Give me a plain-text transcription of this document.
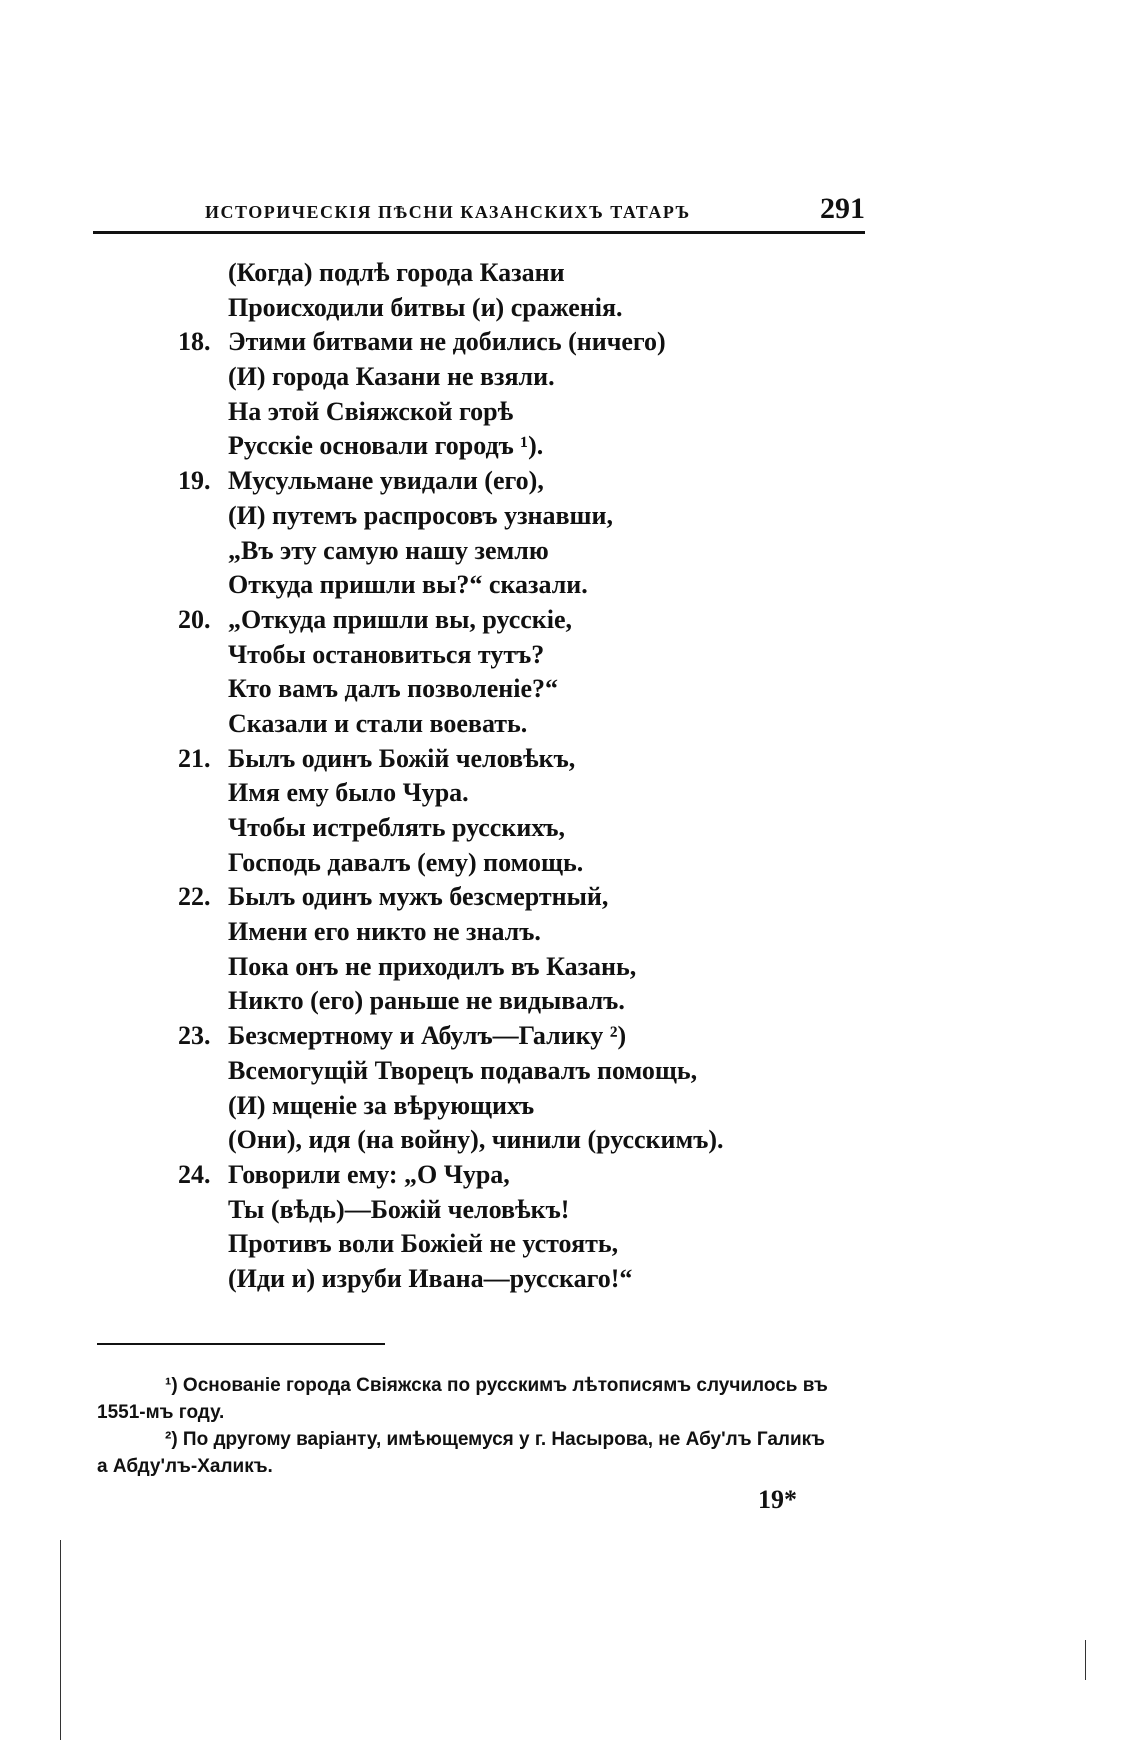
ИСТОРИЧЕСКІЯ ПѢСНИ КАЗАНСКИХЪ ТАТАРЪ	291
(Когда) подлѣ города Казани
Происходили битвы (и) сраженія.
18. Этими битвами не добились (ничего)
(И) города Казани не взяли.
На этой Свіяжской горѣ
Русскіе основали городъ ¹).
19. Мусульмане увидали (его),
(И) путемъ распросовъ узнавши,
„Въ эту самую нашу землю
Откуда пришли вы?“ сказали.
20. „Откуда пришли вы, русскіе,
Чтобы остановиться тутъ?
Кто вамъ далъ позволеніе?“
Сказали и стали воевать.
21. Былъ одинъ Божій человѣкъ,
Имя ему было Чура.
Чтобы истреблять русскихъ,
Господь давалъ (ему) помощь.
22. Былъ одинъ мужъ безсмертный,
Имени его никто не зналъ.
Пока онъ не приходилъ въ Казань,
Никто (его) раньше не видывалъ.
23. Безсмертному и Абулъ—Галику ²)
Всемогущій Творецъ подавалъ помощь,
(И) мщеніе за вѣрующихъ
(Они), идя (на войну), чинили (русскимъ).
24. Говорили ему: „О Чура,
Ты (вѣдь)—Божій человѣкъ!
Противъ воли Божіей не устоять,
(Иди и) изруби Ивана—русскаго!“
¹) Основаніе города Свіяжска по русскимъ лѣтописямъ случилось въ
1551-мъ году.
²) По другому варіанту, имѣющемуся у г. Насырова, не Абу'лъ Галикъ
а Абду'лъ-Халикъ.
19*
